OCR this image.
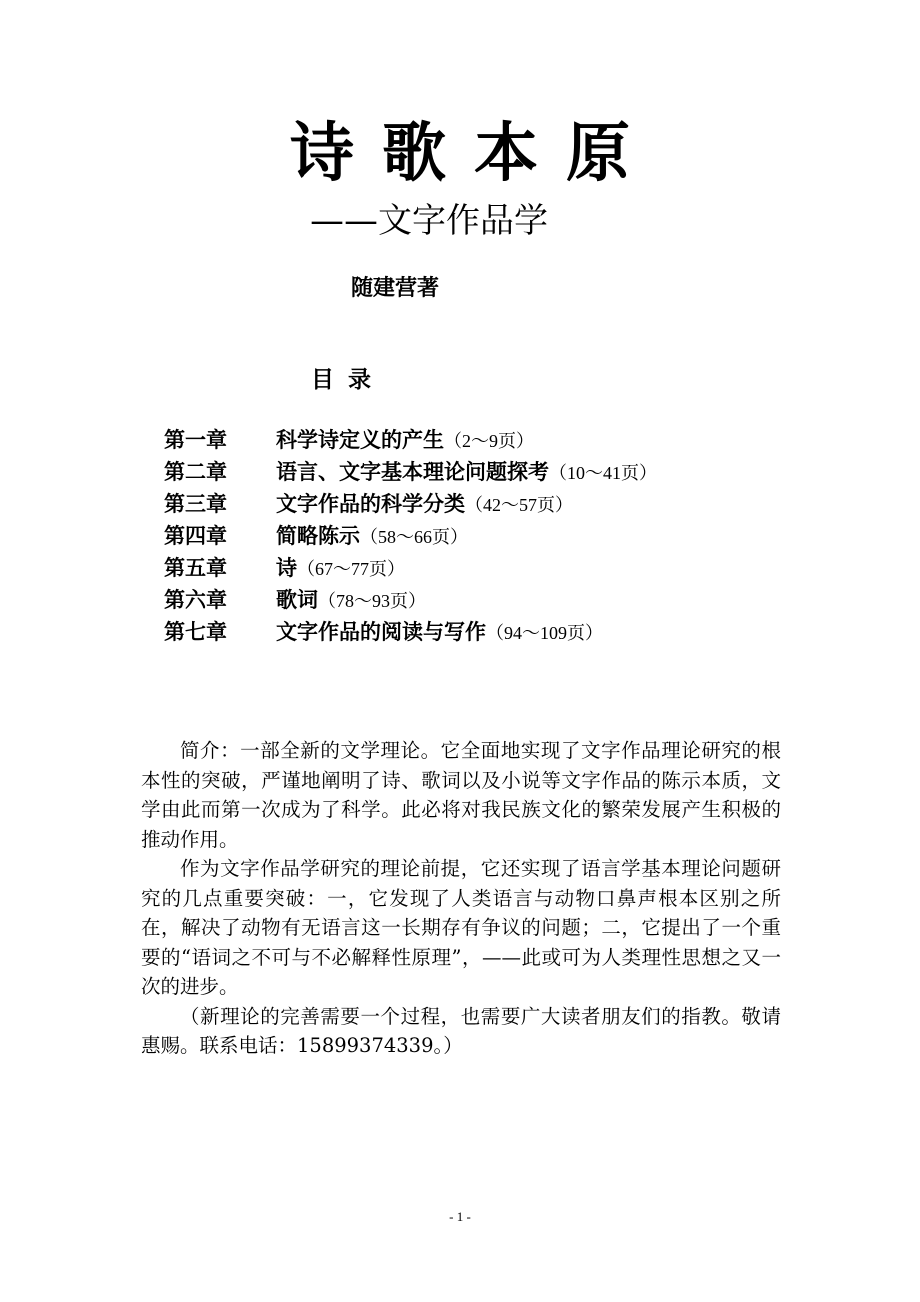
诗 歌 本 原
——文字作品学
随建营著
目 录
第一章	科学诗定义的产生 （2～9页）
第二章	语言、文字基本理论问题探考 （10～41页）
第三章	文字作品的科学分类 （42～57页）
第四章	简略陈示 （58～66页）
第五章	诗 （67～77页）
第六章	歌词 （78～93页）
第七章	文字作品的阅读与写作 （94～109页）

简介：一部全新的文学理论。它全面地实现了文字作品理论研究的根本性的突破，严谨地阐明了诗、歌词以及小说等文字作品的陈示本质，文学由此而第一次成为了科学。此必将对我民族文化的繁荣发展产生积极的推动作用。

作为文字作品学研究的理论前提，它还实现了语言学基本理论问题研究的几点重要突破：一，它发现了人类语言与动物口鼻声根本区别之所在，解决了动物有无语言这一长期存有争议的问题；二，它提出了一个重要的“语词之不可与不必解释性原理”，——此或可为人类理性思想之又一次的进步。

（新理论的完善需要一个过程，也需要广大读者朋友们的指教。敬请惠赐。联系电话：15899374339。）

- 1 -
